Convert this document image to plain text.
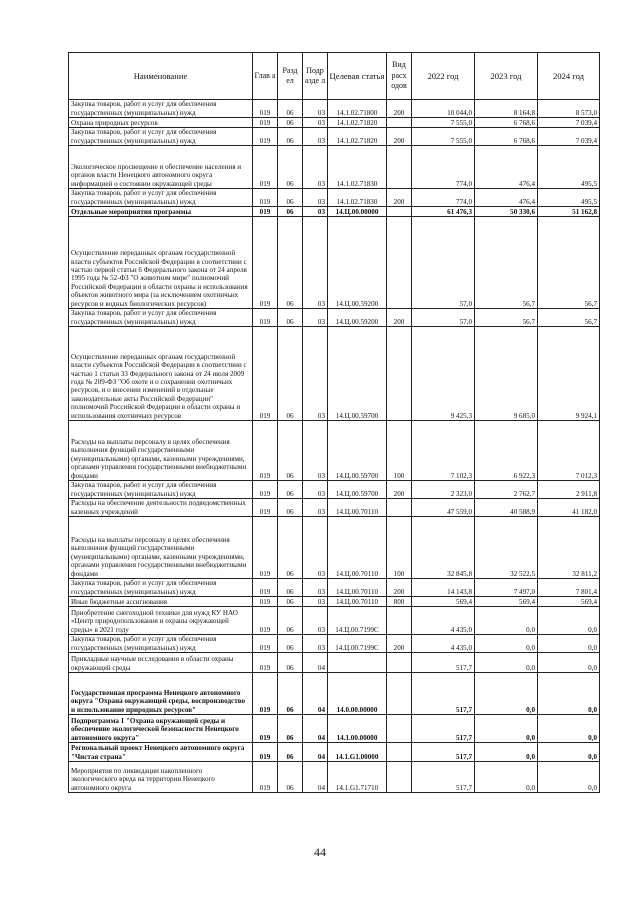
Наименование	Глав а	Разд ел	Подр азде л	Целевая статья	Вид расх одов	2022 год	2023 год	2024 год
Закупка товаров, работ и услуг для обеспечения государственных (муниципальных) нужд	019	06	03	14.1.02.71800	200	10 044,0	8 164,8	8 573,0
Охрана природных ресурсов	019	06	03	14.1.02.71820		7 555,0	6 768,6	7 039,4
Закупка товаров, работ и услуг для обеспечения государственных (муниципальных) нужд	019	06	03	14.1.02.71820	200	7 555,0	6 768,6	7 039,4
Экологическое просвещение и обеспечение населения и органов власти Ненецкого автономного округа информацией о состоянии окружающей среды	019	06	03	14.1.02.71830		774,0	476,4	495,5
Закупка товаров, работ и услуг для обеспечения государственных (муниципальных) нужд	019	06	03	14.1.02.71830	200	774,0	476,4	495,5
Отдельные мероприятия программы	019	06	03	14.Ц.00.00000		61 476,3	50 330,6	51 162,8
Осуществление переданных органам государственной власти субъектов Российской Федерации в соответствии с частью первой статьи 6 Федерального закона от 24 апреля 1995 года № 52-ФЗ "О животном мире" полномочий Российской Федерации в области охраны и использования объектов животного мира (за исключением охотничьих ресурсов и водных биологических ресурсов)	019	06	03	14.Ц.00.59200		57,0	56,7	56,7
Закупка товаров, работ и услуг для обеспечения государственных (муниципальных) нужд	019	06	03	14.Ц.00.59200	200	57,0	56,7	56,7
Осуществление переданных органам государственной власти субъектов Российской Федерации в соответствии с частью 1 статьи 33 Федерального закона от 24 июля 2009 года № 209-ФЗ "Об охоте и о сохранении охотничьих ресурсов, и о внесении изменений в отдельные законодательные акты Российской Федерации" полномочий Российской Федерации в области охраны и использования охотничьих ресурсов	019	06	03	14.Ц.00.59700		9 425,3	9 685,0	9 924,1
Расходы на выплаты персоналу в целях обеспечения выполнения функций государственными (муниципальными) органами, казенными учреждениями, органами управления государственными внебюджетными фондами	019	06	03	14.Ц.00.59700	100	7 102,3	6 922,3	7 012,3
Закупка товаров, работ и услуг для обеспечения государственных (муниципальных) нужд	019	06	03	14.Ц.00.59700	200	2 323,0	2 762,7	2 911,8
Расходы на обеспечение деятельности подведомственных казенных учреждений	019	06	03	14.Ц.00.70110		47 559,0	40 588,9	41 182,0
Расходы на выплаты персоналу в целях обеспечения выполнения функций государственными (муниципальными) органами, казенными учреждениями, органами управления государственными внебюджетными фондами	019	06	03	14.Ц.00.70110	100	32 845,8	32 522,5	32 811,2
Закупка товаров, работ и услуг для обеспечения государственных (муниципальных) нужд	019	06	03	14.Ц.00.70110	200	14 143,8	7 497,0	7 801,4
Иные бюджетные ассигнования	019	06	03	14.Ц.00.70110	800	569,4	569,4	569,4
Приобретение снегоходной техники для нужд КУ НАО «Центр природопользования и охраны окружающей среды» в 2021 году	019	06	03	14.Ц.00.7199C		4 435,0	0,0	0,0
Закупка товаров, работ и услуг для обеспечения государственных (муниципальных) нужд	019	06	03	14.Ц.00.7199C	200	4 435,0	0,0	0,0
Прикладные научные исследования в области охраны окружающей среды	019	06	04			517,7	0,0	0,0
Государственная программа Ненецкого автономного округа "Охрана окружающей среды, воспроизводство и использование природных ресурсов"	019	06	04	14.0.00.00000		517,7	0,0	0,0
Подпрограмма 1 "Охрана окружающей среды и обеспечение экологической безопасности Ненецкого автономного округа"	019	06	04	14.1.00.00000		517,7	0,0	0,0
Региональный проект Ненецкого автономного округа "Чистая страна"	019	06	04	14.1.G1.00000		517,7	0,0	0,0
Мероприятия по ликвидации накопленного экологического вреда на территории Ненецкого автономного округа	019	06	04	14.1.G1.71710		517,7	0,0	0,0
44
